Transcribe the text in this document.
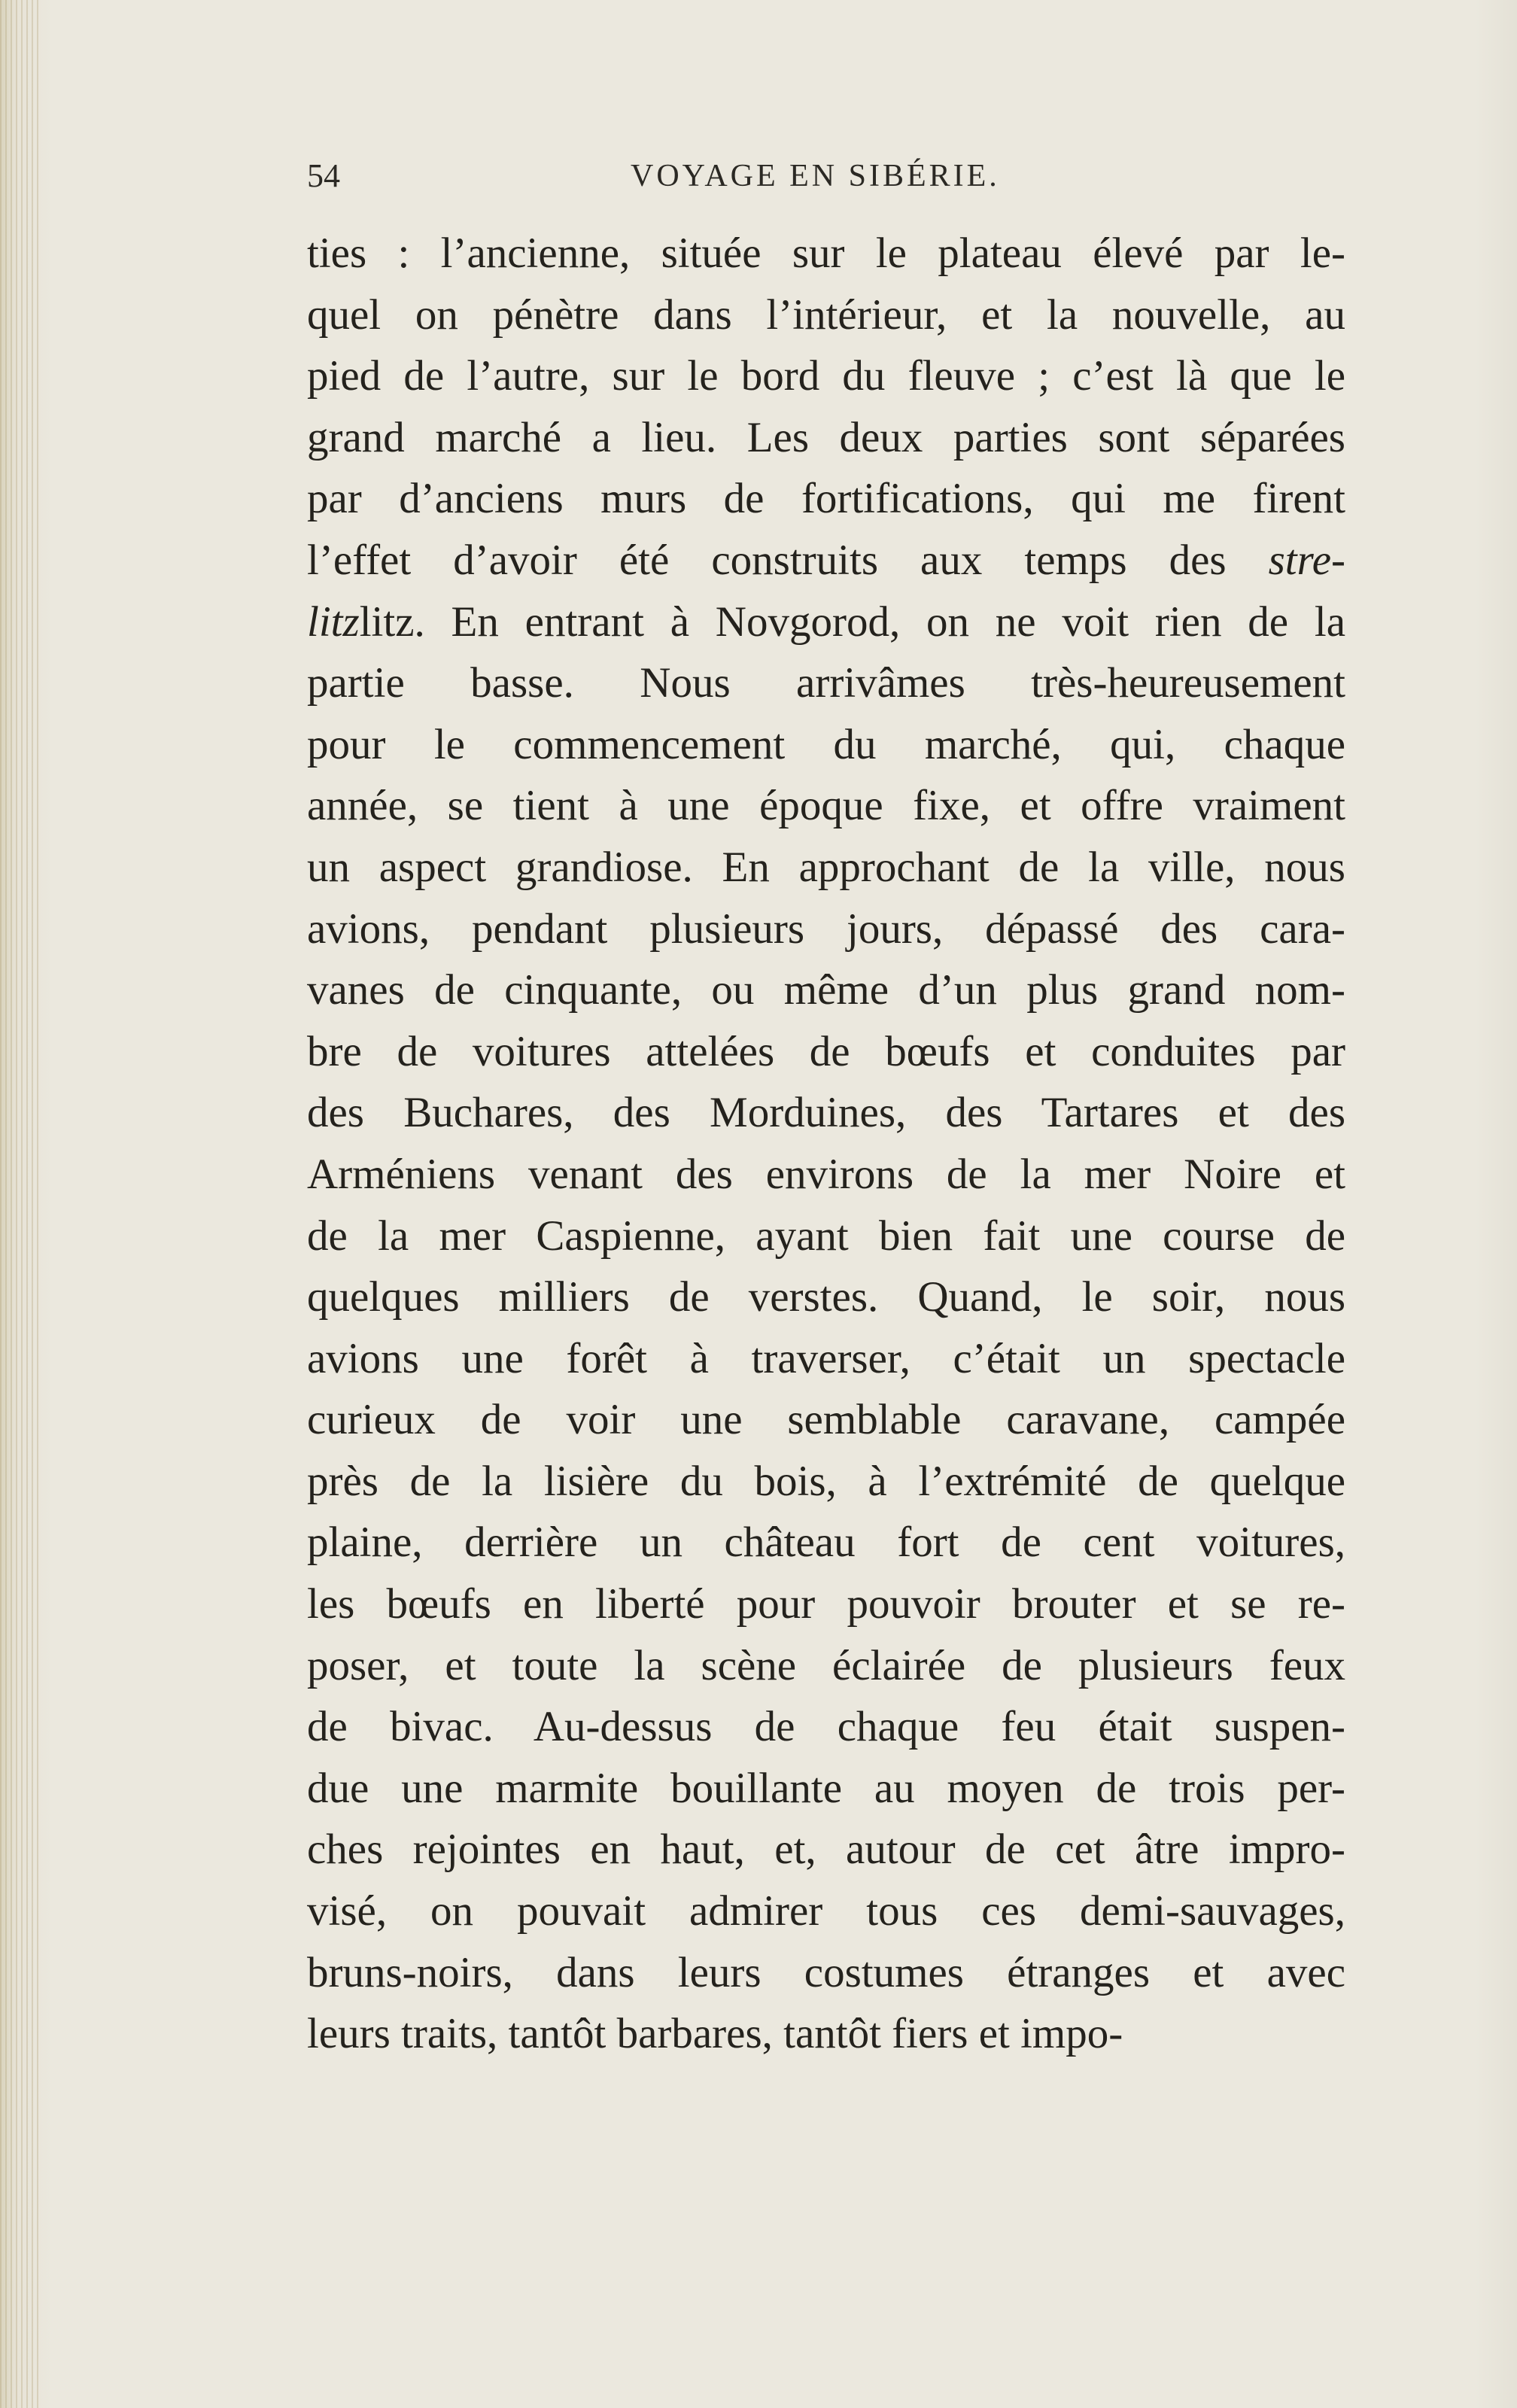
54	VOYAGE EN SIBÉRIE.
ties : l’ancienne, située sur le plateau élevé par le-
quel on pénètre dans l’intérieur, et la nouvelle, au
pied de l’autre, sur le bord du fleuve ; c’est là que le
grand marché a lieu. Les deux parties sont séparées
par d’anciens murs de fortifications, qui me firent
l’effet d’avoir été construits aux temps des stre-
litzlitz. En entrant à Novgorod, on ne voit rien de la
partie basse. Nous arrivâmes très-heureusement
pour le commencement du marché, qui, chaque
année, se tient à une époque fixe, et offre vraiment
un aspect grandiose. En approchant de la ville, nous
avions, pendant plusieurs jours, dépassé des cara-
vanes de cinquante, ou même d’un plus grand nom-
bre de voitures attelées de bœufs et conduites par
des Buchares, des Morduines, des Tartares et des
Arméniens venant des environs de la mer Noire et
de la mer Caspienne, ayant bien fait une course de
quelques milliers de verstes. Quand, le soir, nous
avions une forêt à traverser, c’était un spectacle
curieux de voir une semblable caravane, campée
près de la lisière du bois, à l’extrémité de quelque
plaine, derrière un château fort de cent voitures,
les bœufs en liberté pour pouvoir brouter et se re-
poser, et toute la scène éclairée de plusieurs feux
de bivac. Au-dessus de chaque feu était suspen-
due une marmite bouillante au moyen de trois per-
ches rejointes en haut, et, autour de cet âtre impro-
visé, on pouvait admirer tous ces demi-sauvages,
bruns-noirs, dans leurs costumes étranges et avec
leurs traits, tantôt barbares, tantôt fiers et impo-
